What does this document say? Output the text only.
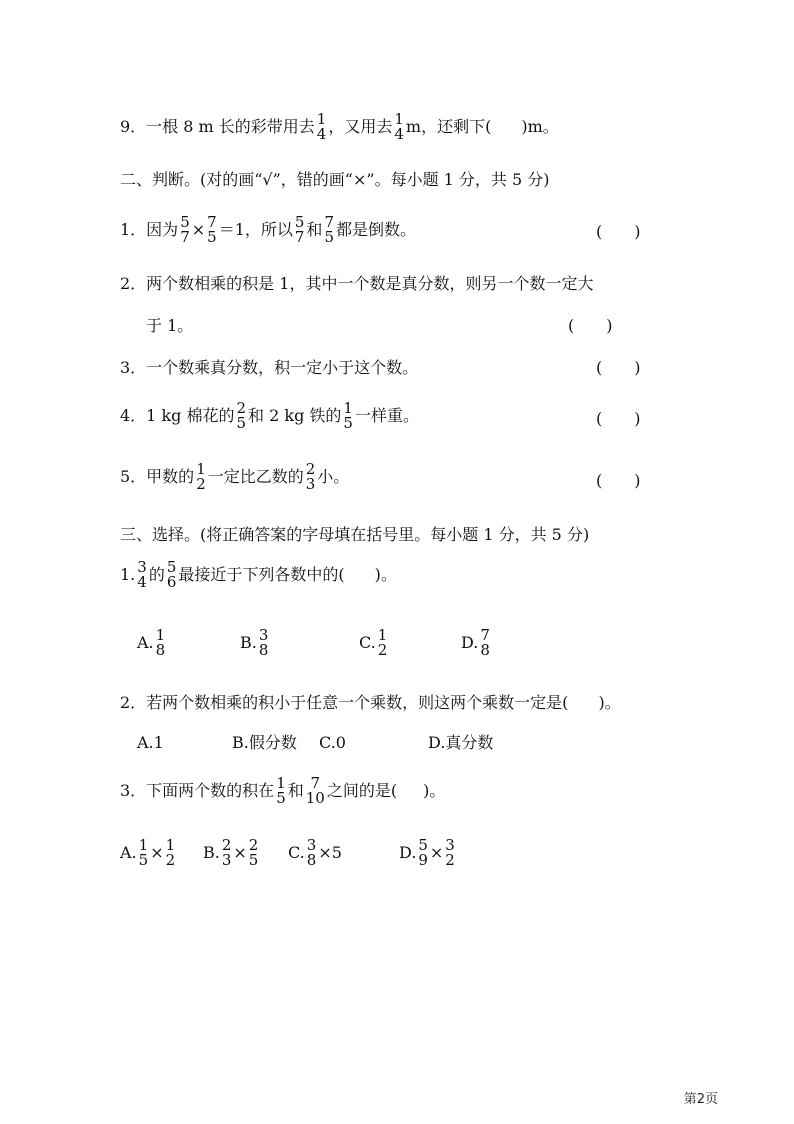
9．一根 8 m 长的彩带用去 1
4 ，又用去 1
4 m，还剩下( )m。
二、判断。(对的画“√”，错的画“×”。每小题 1 分，共 5 分)
1．因为 5
7 × 7
5 ＝1，所以 5
7 和 7
5 都是倒数。	(　　)
2．两个数相乘的积是 1，其中一个数是真分数，则另一个数一定大
于 1。	(　　)
3．一个数乘真分数，积一定小于这个数。	(　　)
4．1 kg 棉花的 2
5 和 2 kg 铁的 1
5 一样重。	(　　)
5．甲数的 1
2 一定比乙数的 2
3 小。	(　　)
三、选择。(将正确答案的字母填在括号里。每小题 1 分，共 5 分)
1. 3
4 的 5
6 最接近于下列各数中的( )。
A. 1
8	B. 3
8	C. 1
2	D. 7
8
2．若两个数相乘的积小于任意一个乘数，则这两个乘数一定是( )。
A.1	B.假分数 C.0	D.真分数
3．下面两个数的积在 1
5 和 7
10 之间的是( )。
A. 1
5 × 1
2 B. 2
3 × 2
5 C. 3
8 ×5	D. 5
9 × 3
2
第2页
